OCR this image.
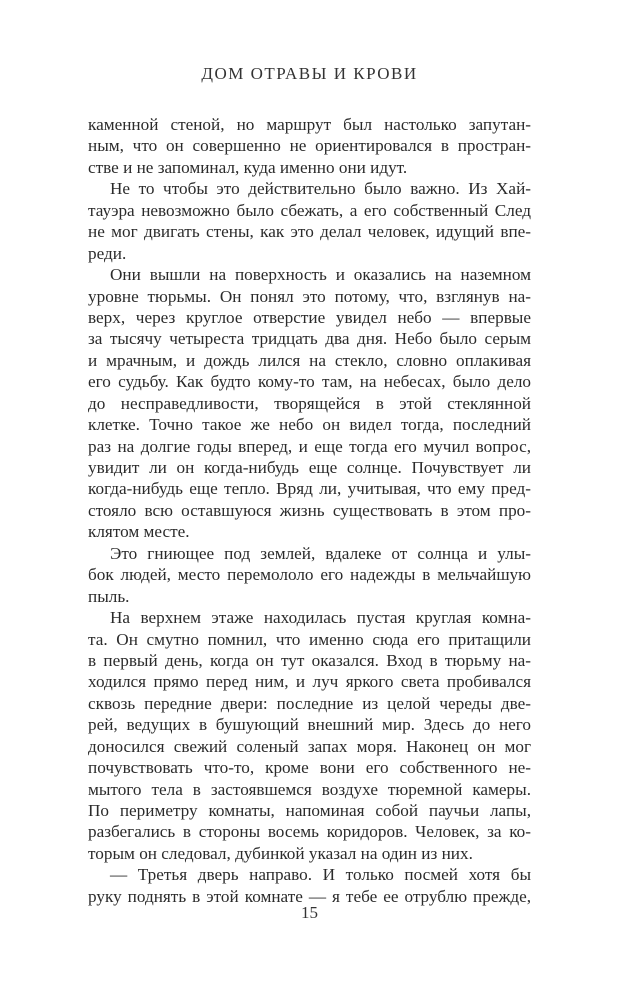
ДОМ ОТРАВЫ И КРОВИ
каменной стеной, но маршрут был настолько запутан-
ным, что он совершенно не ориентировался в простран-
стве и не запоминал, куда именно они идут.
Не то чтобы это действительно было важно. Из Хай-
тауэра невозможно было сбежать, а его собственный След
не мог двигать стены, как это делал человек, идущий впе-
реди.
Они вышли на поверхность и оказались на наземном
уровне тюрьмы. Он понял это потому, что, взглянув на-
верх, через круглое отверстие увидел небо — впервые
за тысячу четыреста тридцать два дня. Небо было серым
и мрачным, и дождь лился на стекло, словно оплакивая
его судьбу. Как будто кому-то там, на небесах, было дело
до несправедливости, творящейся в этой стеклянной
клетке. Точно такое же небо он видел тогда, последний
раз на долгие годы вперед, и еще тогда его мучил вопрос,
увидит ли он когда-нибудь еще солнце. Почувствует ли
когда-нибудь еще тепло. Вряд ли, учитывая, что ему пред-
стояло всю оставшуюся жизнь существовать в этом про-
клятом месте.
Это гниющее под землей, вдалеке от солнца и улы-
бок людей, место перемололо его надежды в мельчайшую
пыль.
На верхнем этаже находилась пустая круглая комна-
та. Он смутно помнил, что именно сюда его притащили
в первый день, когда он тут оказался. Вход в тюрьму на-
ходился прямо перед ним, и луч яркого света пробивался
сквозь передние двери: последние из целой череды две-
рей, ведущих в бушующий внешний мир. Здесь до него
доносился свежий соленый запах моря. Наконец он мог
почувствовать что-то, кроме вони его собственного не-
мытого тела в застоявшемся воздухе тюремной камеры.
По периметру комнаты, напоминая собой паучьи лапы,
разбегались в стороны восемь коридоров. Человек, за ко-
торым он следовал, дубинкой указал на один из них.
— Третья дверь направо. И только посмей хотя бы
руку поднять в этой комнате — я тебе ее отрублю прежде,
15
